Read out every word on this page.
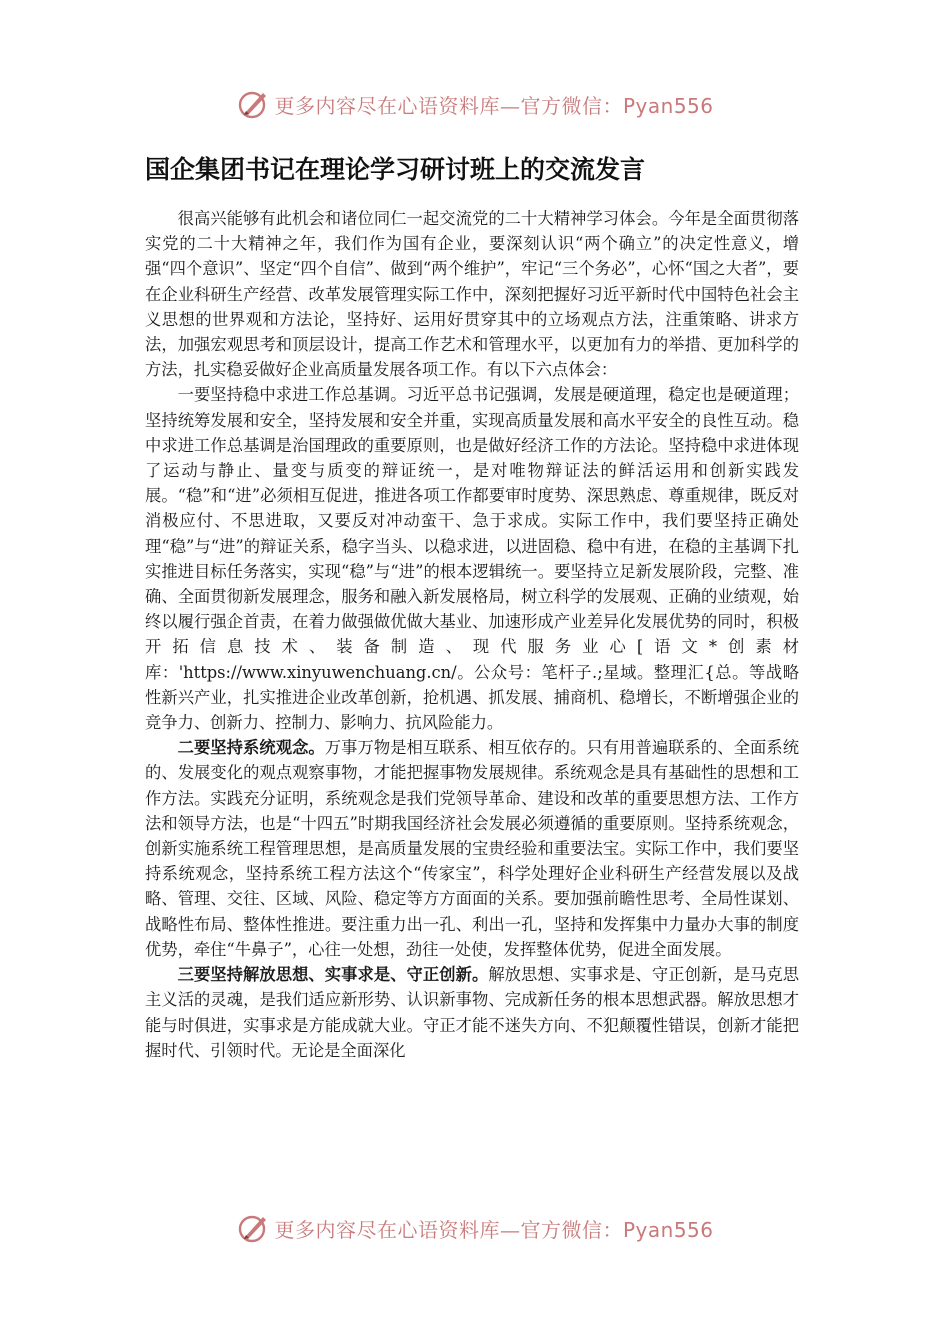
更多内容尽在心语资料库—官方微信：Pyan556
国企集团书记在理论学习研讨班上的交流发言

很高兴能够有此机会和诸位同仁一起交流党的二十大精神学习体会。今年是全面贯彻落实党的二十大精神之年，我们作为国有企业，要深刻认识“两个确立”的决定性意义，增强“四个意识”、坚定“四个自信”、做到“两个维护”，牢记“三个务必”，心怀“国之大者”，要在企业科研生产经营、改革发展管理实际工作中，深刻把握好习近平新时代中国特色社会主义思想的世界观和方法论，坚持好、运用好贯穿其中的立场观点方法，注重策略、讲求方法，加强宏观思考和顶层设计，提高工作艺术和管理水平，以更加有力的举措、更加科学的方法，扎实稳妥做好企业高质量发展各项工作。有以下六点体会：

一要坚持稳中求进工作总基调。习近平总书记强调，发展是硬道理，稳定也是硬道理；坚持统筹发展和安全，坚持发展和安全并重，实现高质量发展和高水平安全的良性互动。稳中求进工作总基调是治国理政的重要原则，也是做好经济工作的方法论。坚持稳中求进体现了运动与静止、量变与质变的辩证统一，是对唯物辩证法的鲜活运用和创新实践发展。“稳”和“进”必须相互促进，推进各项工作都要审时度势、深思熟虑、尊重规律，既反对消极应付、不思进取，又要反对冲动蛮干、急于求成。实际工作中，我们要坚持正确处理“稳”与“进”的辩证关系，稳字当头、以稳求进，以进固稳、稳中有进，在稳的主基调下扎实推进目标任务落实，实现“稳”与“进”的根本逻辑统一。要坚持立足新发展阶段，完整、准确、全面贯彻新发展理念，服务和融入新发展格局，树立科学的发展观、正确的业绩观，始终以履行强企首责，在着力做强做优做大基业、加速形成产业差异化发展优势的同时，积极开拓信息技术、装备制造、现代服务业心[语文*创素材库：'https://www.xinyuwenchuang.cn/。公众号：笔杆子.;星域。整理汇{总。等战略性新兴产业，扎实推进企业改革创新，抢机遇、抓发展、捕商机、稳增长，不断增强企业的竞争力、创新力、控制力、影响力、抗风险能力。

二要坚持系统观念。万事万物是相互联系、相互依存的。只有用普遍联系的、全面系统的、发展变化的观点观察事物，才能把握事物发展规律。系统观念是具有基础性的思想和工作方法。实践充分证明，系统观念是我们党领导革命、建设和改革的重要思想方法、工作方法和领导方法，也是“十四五”时期我国经济社会发展必须遵循的重要原则。坚持系统观念，创新实施系统工程管理思想，是高质量发展的宝贵经验和重要法宝。实际工作中，我们要坚持系统观念，坚持系统工程方法这个“传家宝”，科学处理好企业科研生产经营发展以及战略、管理、交往、区域、风险、稳定等方方面面的关系。要加强前瞻性思考、全局性谋划、战略性布局、整体性推进。要注重力出一孔、利出一孔，坚持和发挥集中力量办大事的制度优势，牵住“牛鼻子”，心往一处想，劲往一处使，发挥整体优势，促进全面发展。

三要坚持解放思想、实事求是、守正创新。解放思想、实事求是、守正创新，是马克思主义活的灵魂，是我们适应新形势、认识新事物、完成新任务的根本思想武器。解放思想才能与时俱进，实事求是方能成就大业。守正才能不迷失方向、不犯颠覆性错误，创新才能把握时代、引领时代。无论是全面深化

更多内容尽在心语资料库—官方微信：Pyan556
